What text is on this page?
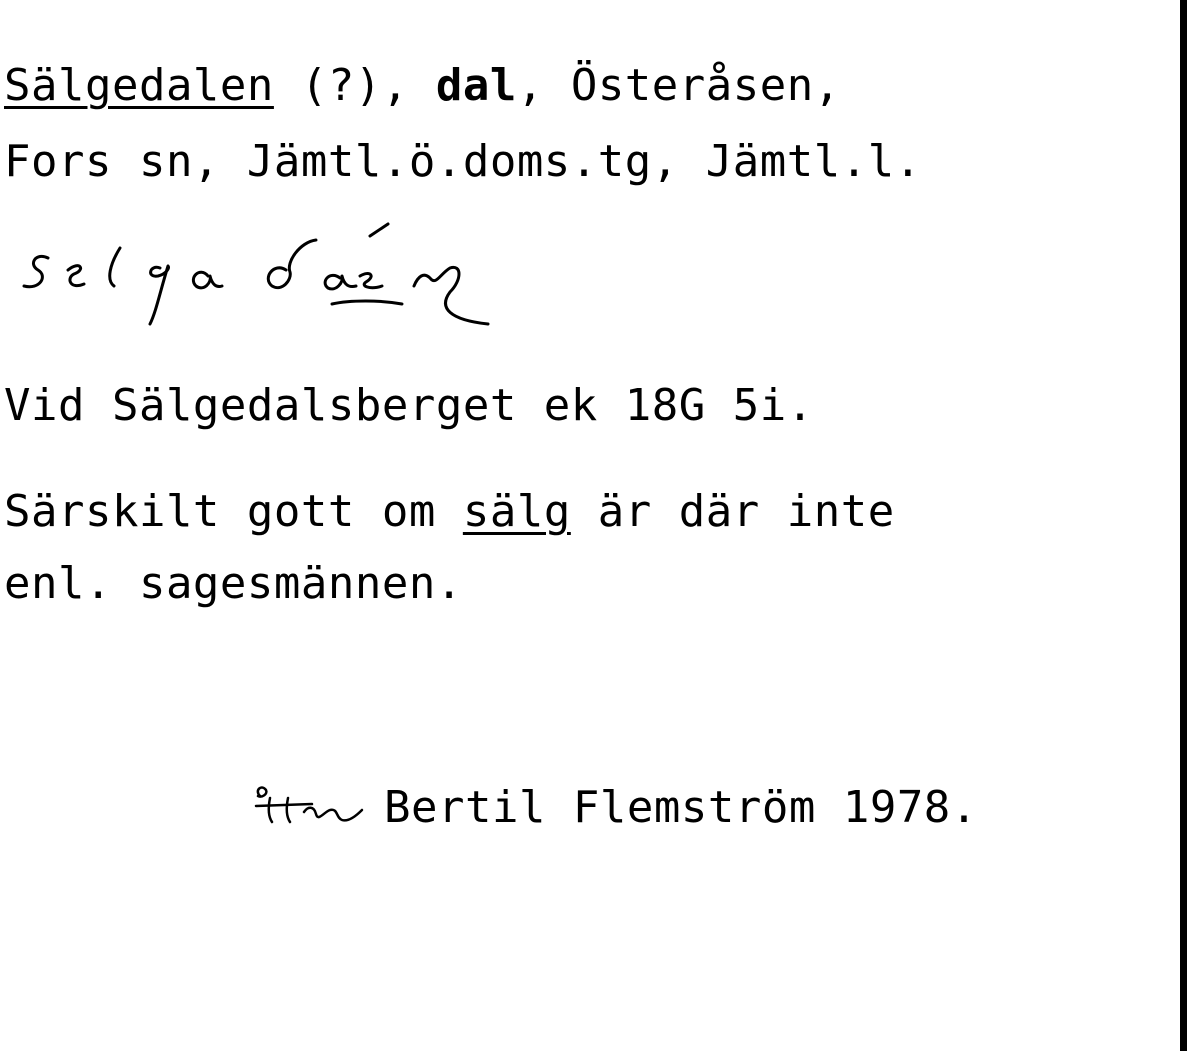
Sälgedalen (?), dal, Österåsen,
Fors sn, Jämtl.ö.doms.tg, Jämtl.l.
Vid Sälgedalsberget ek 18G 5i.
Särskilt gott om sälg är där inte
enl. sagesmännen.
Bertil Flemström 1978.
